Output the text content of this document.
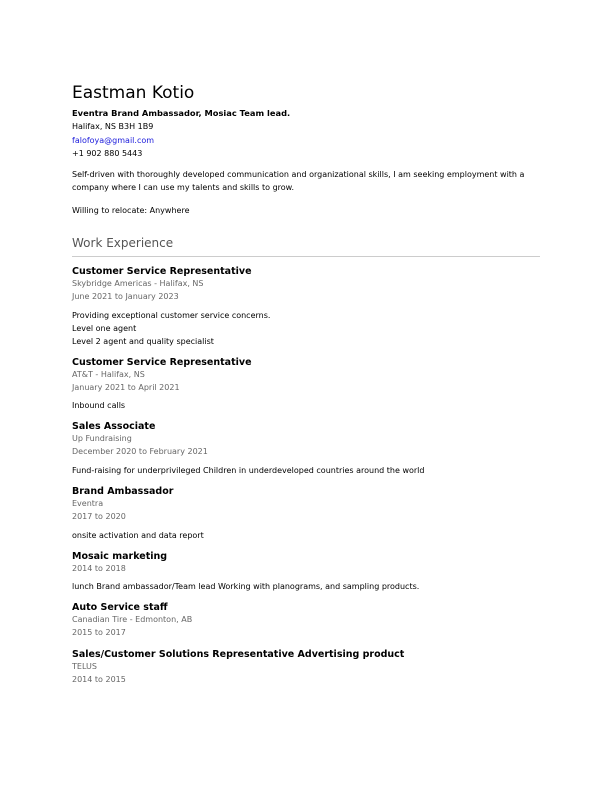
Eastman Kotio
Eventra Brand Ambassador, Mosiac Team lead.
Halifax, NS B3H 1B9
falofoya@gmail.com
+1 902 880 5443
Self-driven with thoroughly developed communication and organizational skills, I am seeking employment with a company where I can use my talents and skills to grow.
Willing to relocate: Anywhere
Work Experience
Customer Service Representative
Skybridge Americas - Halifax, NS
June 2021 to January 2023
Providing exceptional customer service concerns.
Level one agent
Level 2 agent and quality specialist
Customer Service Representative
AT&T - Halifax, NS
January 2021 to April 2021
Inbound calls
Sales Associate
Up Fundraising
December 2020 to February 2021
Fund-raising for underprivileged Children in underdeveloped countries around the world
Brand Ambassador
Eventra
2017 to 2020
onsite activation and data report
Mosaic marketing
2014 to 2018
lunch Brand ambassador/Team lead Working with planograms, and sampling products.
Auto Service staff
Canadian Tire - Edmonton, AB
2015 to 2017
Sales/Customer Solutions Representative Advertising product
TELUS
2014 to 2015
